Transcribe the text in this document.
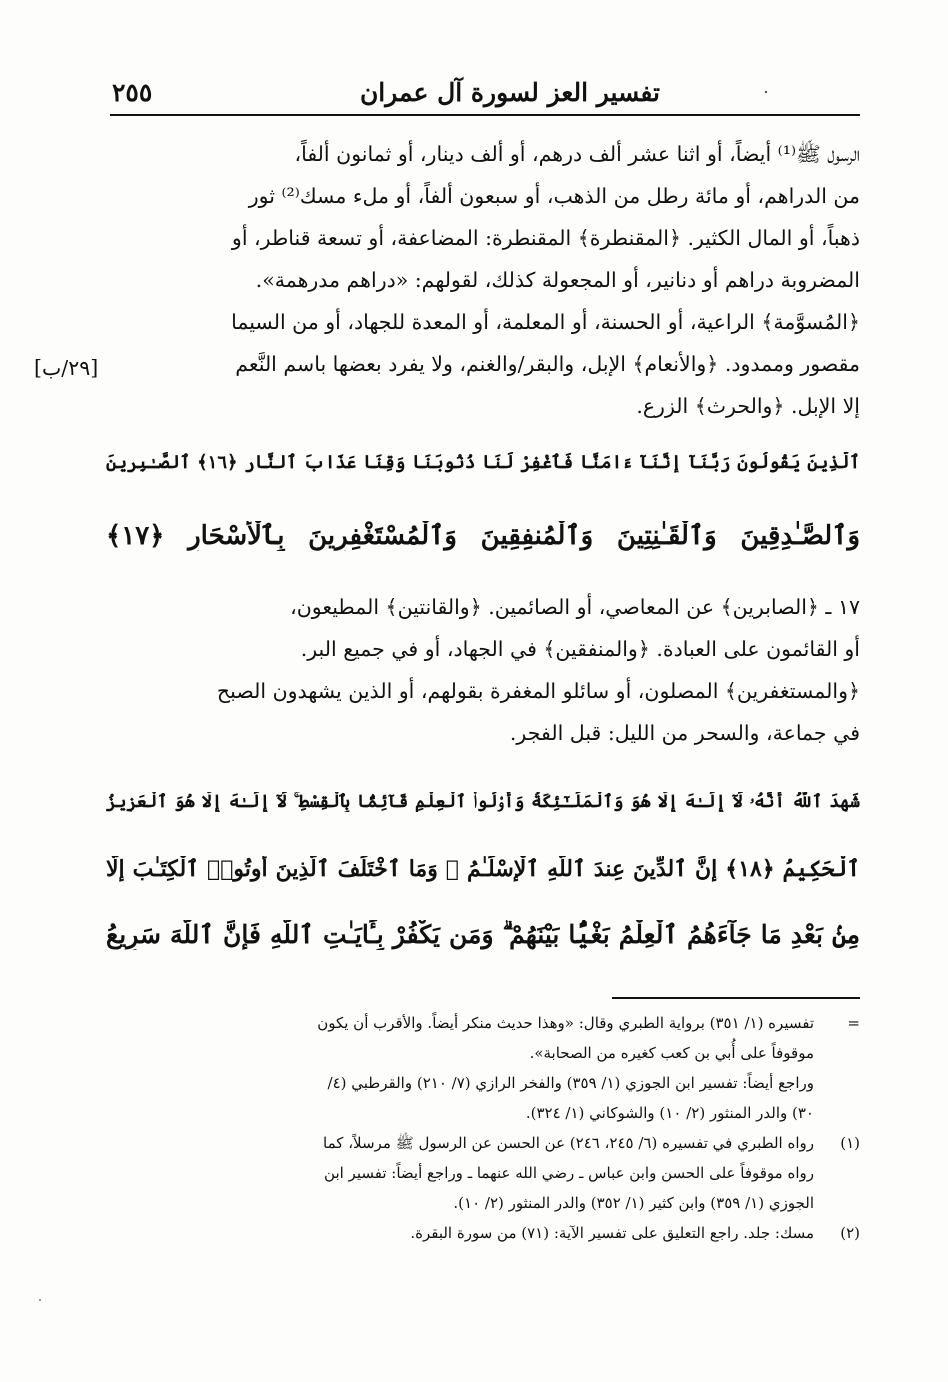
تفسير العز لسورة آل عمران
٢٥٥

الرسول ﷺ⁽¹⁾ أيضاً، أو اثنا عشر ألف درهم، أو ألف دينار، أو ثمانون ألفاً،

من الدراهم، أو مائة رطل من الذهب، أو سبعون ألفاً، أو ملء مسك⁽²⁾ ثور

ذهباً، أو المال الكثير. ﴿المقنطرة﴾ المقنطرة: المضاعفة، أو تسعة قناطر، أو

المضروبة دراهم أو دنانير، أو المجعولة كذلك، لقولهم: «دراهم مدرهمة».

﴿المُسوَّمة﴾ الراعية، أو الحسنة، أو المعلمة، أو المعدة للجهاد، أو من السيما

مقصور وممدود. ﴿والأنعام﴾ الإبل، والبقر/والغنم، ولا يفرد بعضها باسم النَّعم

إلا الإبل. ﴿والحرث﴾ الزرع.

[٢٩/ب]
ٱلَّذِينَ يَقُولُونَ رَبَّنَآ إِنَّنَآ ءَامَنَّا فَٱغْفِرْ لَنَا ذُنُوبَنَا وَقِنَا عَذَابَ ٱلنَّارِ ﴿١٦﴾ ٱلصَّـٰبِرِينَ
وَٱلصَّـٰدِقِينَ وَٱلْقَـٰنِتِينَ وَٱلْمُنفِقِينَ وَٱلْمُسْتَغْفِرِينَ بِٱلْأَسْحَارِ ﴿١٧﴾

١٧ ـ ﴿الصابرين﴾ عن المعاصي، أو الصائمين. ﴿والقانتين﴾ المطيعون،

أو القائمون على العبادة. ﴿والمنفقين﴾ في الجهاد، أو في جميع البر.

﴿والمستغفرين﴾ المصلون، أو سائلو المغفرة بقولهم، أو الذين يشهدون الصبح

في جماعة، والسحر من الليل: قبل الفجر.

شَهِدَ ٱللَّهُ أَنَّهُۥ لَآ إِلَـٰهَ إِلَّا هُوَ وَٱلْمَلَـٰٓئِكَةُ وَأُو۟لُوا۟ ٱلْعِلْمِ قَآئِمًۢا بِٱلْقِسْطِ ۚ لَآ إِلَـٰهَ إِلَّا هُوَ ٱلْعَزِيزُ
ٱلْحَكِيمُ ﴿١٨﴾ إِنَّ ٱلدِّينَ عِندَ ٱللَّهِ ٱلْإِسْلَـٰمُ ۗ وَمَا ٱخْتَلَفَ ٱلَّذِينَ أُوتُوا۟ ٱلْكِتَـٰبَ إِلَّا
مِنۢ بَعْدِ مَا جَآءَهُمُ ٱلْعِلْمُ بَغْيًۢا بَيْنَهُمْ ۗ وَمَن يَكْفُرْ بِـَٔايَـٰتِ ٱللَّهِ فَإِنَّ ٱللَّهَ سَرِيعُ
=
تفسيره (١/ ٣٥١) برواية الطبري وقال: «وهذا حديث منكر أيضاً. والأقرب أن يكون
موقوفاً على أُبي بن كعب كغيره من الصحابة».
وراجع أيضاً: تفسير ابن الجوزي (١/ ٣٥٩) والفخر الرازي (٧/ ٢١٠) والقرطبي (٤/
٣٠) والدر المنثور (٢/ ١٠) والشوكاني (١/ ٣٢٤).
(١)
رواه الطبري في تفسيره (٦/ ٢٤٥، ٢٤٦) عن الحسن عن الرسول ﷺ مرسلاً، كما
رواه موقوفاً على الحسن وابن عباس ـ رضي الله عنهما ـ وراجع أيضاً: تفسير ابن
الجوزي (١/ ٣٥٩) وابن كثير (١/ ٣٥٢) والدر المنثور (٢/ ١٠).
(٢)
مسك: جلد. راجع التعليق على تفسير الآية: (٧١) من سورة البقرة.
